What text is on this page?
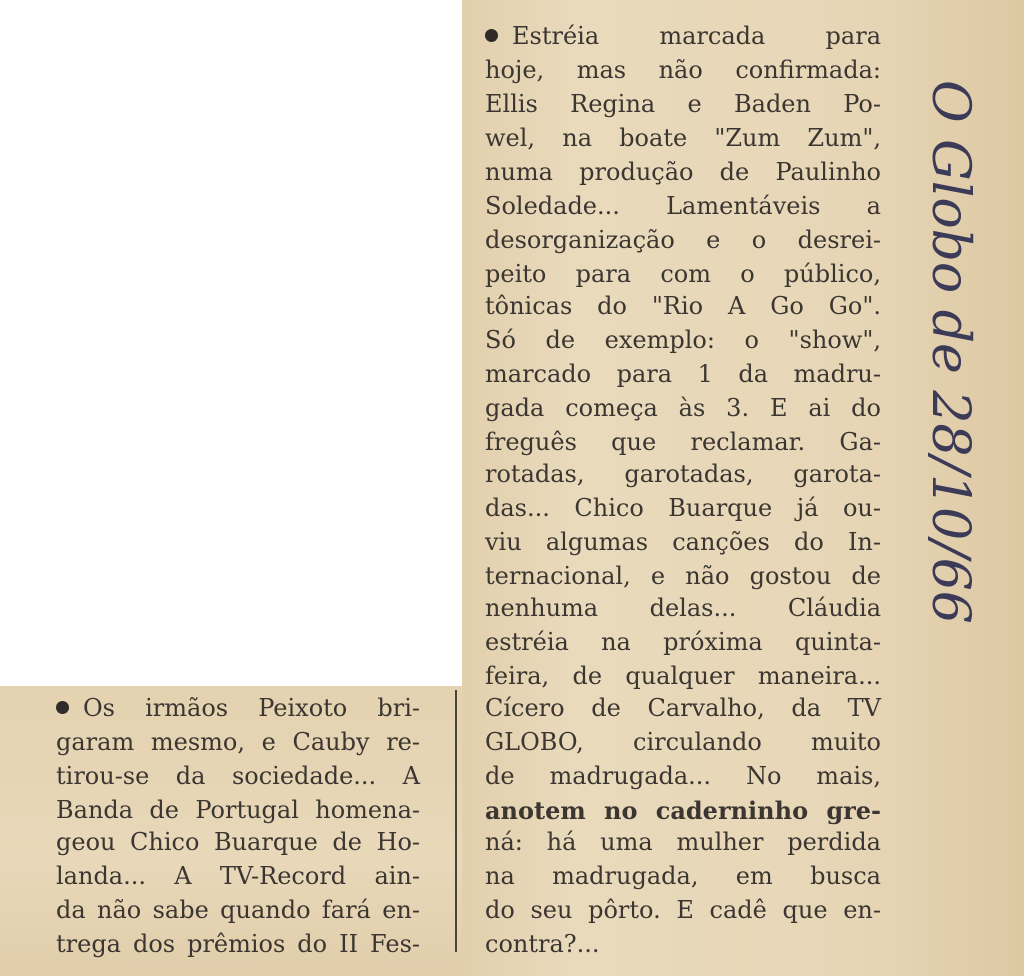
Estréia marcada para
hoje, mas não confirmada:
Ellis Regina e Baden Po-
wel, na boate "Zum Zum",
numa produção de Paulinho
Soledade... Lamentáveis a
desorganização e o desrei-
peito para com o público,
tônicas do "Rio A Go Go".
Só de exemplo: o "show",
marcado para 1 da madru-
gada começa às 3. E ai do
freguês que reclamar. Ga-
rotadas, garotadas, garota-
das... Chico Buarque já ou-
viu algumas canções do In-
ternacional, e não gostou de
nenhuma delas... Cláudia
estréia na próxima quinta-
feira, de qualquer maneira...
Cícero de Carvalho, da TV
GLOBO, circulando muito
de madrugada... No mais,
anotem no caderninho gre-
ná: há uma mulher perdida
na madrugada, em busca
do seu pôrto. E cadê que en-
contra?...
Os irmãos Peixoto bri-
garam mesmo, e Cauby re-
tirou-se da sociedade... A
Banda de Portugal homena-
geou Chico Buarque de Ho-
landa... A TV-Record ain-
da não sabe quando fará en-
trega dos prêmios do II Fes-
O Globo de 28/10/66
